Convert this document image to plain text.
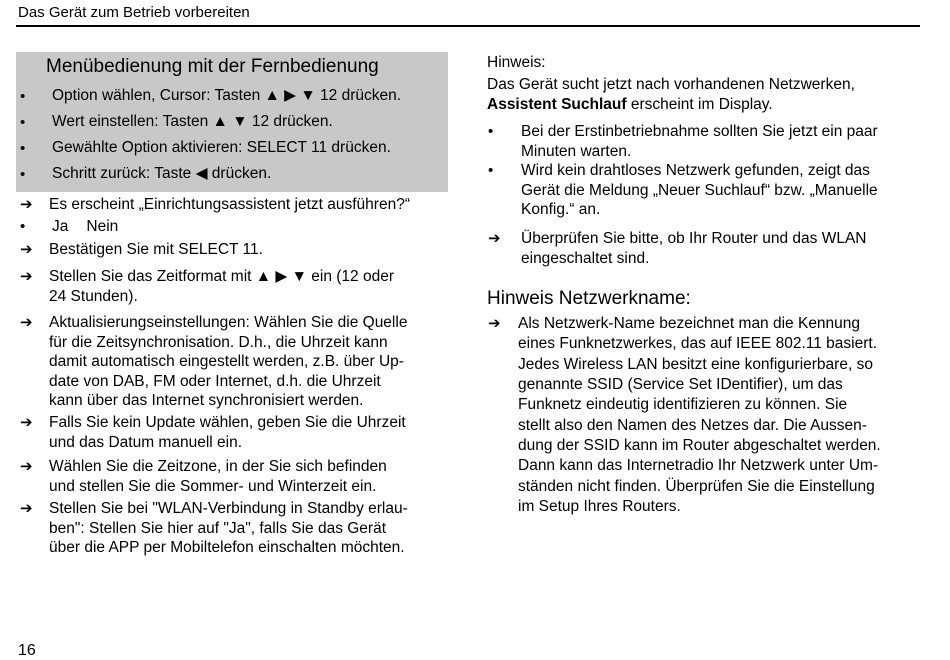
Das Gerät zum Betrieb vorbereiten
Menübedienung mit der Fernbedienung
• Option wählen, Cursor: Tasten ▲ ▶ ▼ 12 drücken.
• Wert einstellen: Tasten ▲ ▼ 12 drücken.
• Gewählte Option aktivieren: SELECT 11 drücken.
• Schritt zurück: Taste ◀ drücken.
➔ Es erscheint „Einrichtungsassistent jetzt ausführen?“
• Ja Nein
➔ Bestätigen Sie mit SELECT 11.
➔ Stellen Sie das Zeitformat mit ▲ ▶ ▼ ein (12 oder
24 Stunden).
➔ Aktualisierungseinstellungen: Wählen Sie die Quelle
für die Zeitsynchronisation. D.h., die Uhrzeit kann
damit automatisch eingestellt werden, z.B. über Up-
date von DAB, FM oder Internet, d.h. die Uhrzeit
kann über das Internet synchronisiert werden.
➔ Falls Sie kein Update wählen, geben Sie die Uhrzeit
und das Datum manuell ein.
➔ Wählen Sie die Zeitzone, in der Sie sich befinden
und stellen Sie die Sommer- und Winterzeit ein.
➔ Stellen Sie bei "WLAN-Verbindung in Standby erlau-
ben": Stellen Sie hier auf "Ja", falls Sie das Gerät
über die APP per Mobiltelefon einschalten möchten.
Hinweis:
Das Gerät sucht jetzt nach vorhandenen Netzwerken,
Assistent Suchlauf erscheint im Display.
• Bei der Erstinbetriebnahme sollten Sie jetzt ein paar
Minuten warten.
• Wird kein drahtloses Netzwerk gefunden, zeigt das
Gerät die Meldung „Neuer Suchlauf“ bzw. „Manuelle
Konfig.“ an.
➔ Überprüfen Sie bitte, ob Ihr Router und das WLAN
eingeschaltet sind.
Hinweis Netzwerkname:
➔ Als Netzwerk-Name bezeichnet man die Kennung
eines Funknetzwerkes, das auf IEEE 802.11 basiert.
Jedes Wireless LAN besitzt eine konfigurierbare, so
genannte SSID (Service Set IDentifier), um das
Funknetz eindeutig identifizieren zu können. Sie
stellt also den Namen des Netzes dar. Die Aussen-
dung der SSID kann im Router abgeschaltet werden.
Dann kann das Internetradio Ihr Netzwerk unter Um-
ständen nicht finden. Überprüfen Sie die Einstellung
im Setup Ihres Routers.
16
